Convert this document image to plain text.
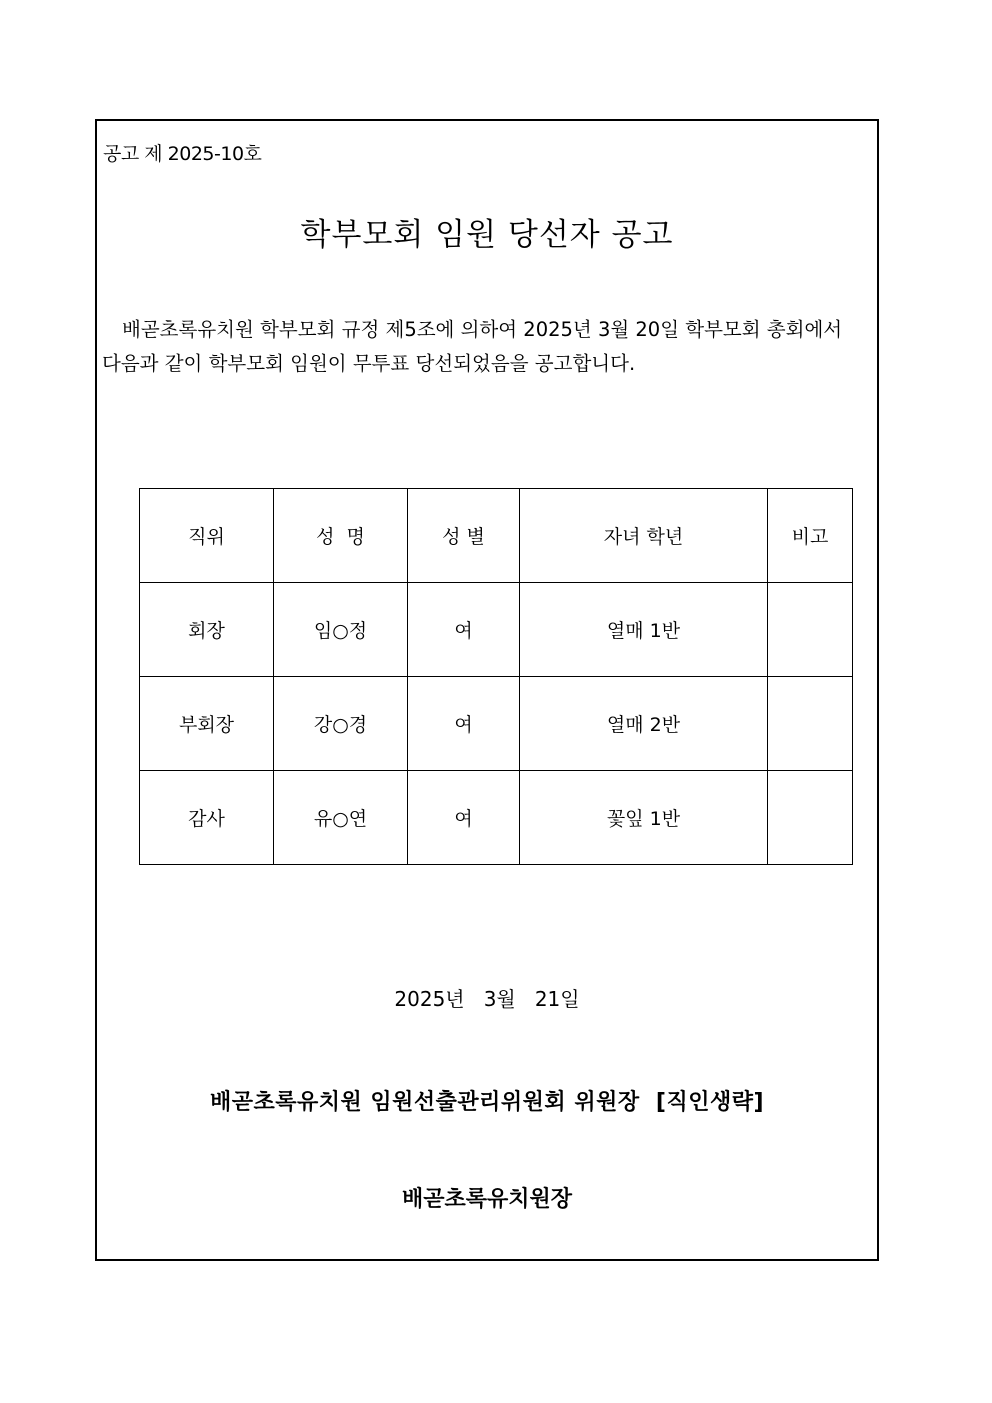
공고 제 2025-10호
학부모회 임원 당선자 공고
배곧초록유치원 학부모회 규정 제5조에 의하여 2025년 3월 20일 학부모회 총회에서
다음과 같이 학부모회 임원이 무투표 당선되었음을 공고합니다.
직위	성  명	성 별	자녀 학년	비고
회장	임○정	여	열매 1반	
부회장	강○경	여	열매 2반	
감사	유○연	여	꽃잎 1반	
2025년   3월   21일
배곧초록유치원 임원선출관리위원회 위원장  [직인생략]
배곧초록유치원장
